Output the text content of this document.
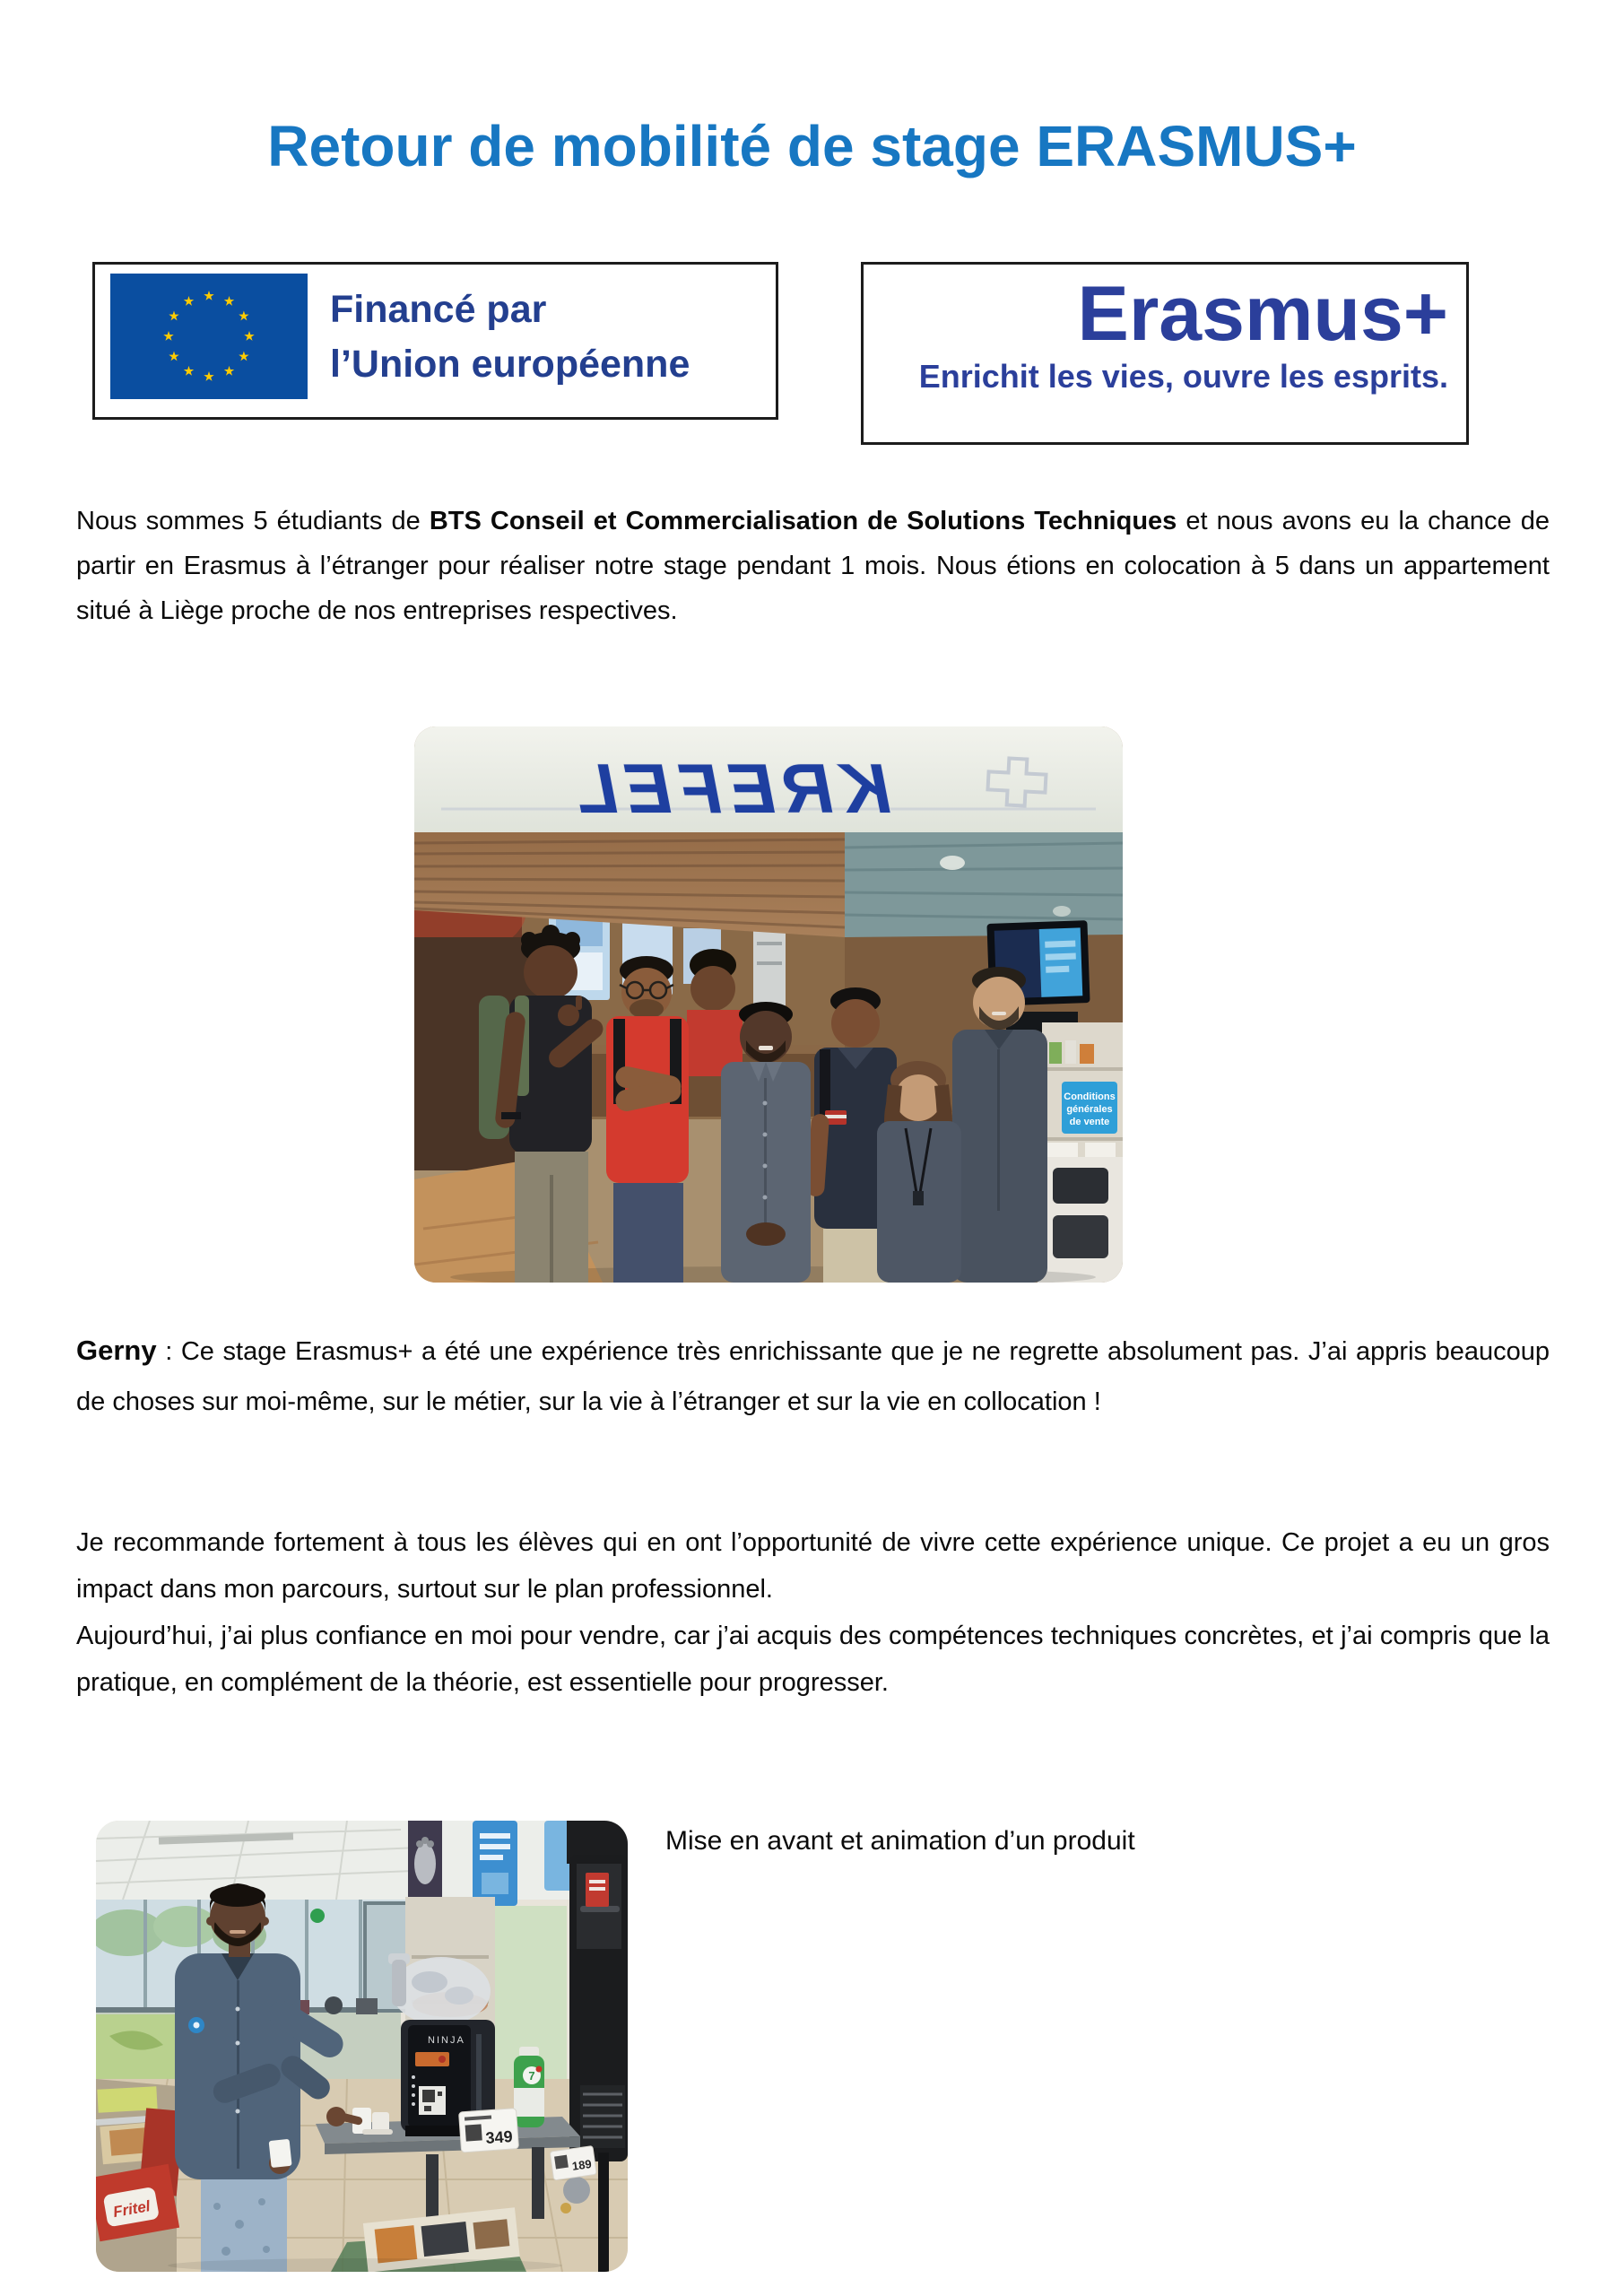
Retour de mobilité de stage ERASMUS+
Financé par
l’Union européenne
Erasmus+
Enrichit les vies, ouvre les esprits.

Nous sommes 5 étudiants de BTS Conseil et Commercialisation de Solutions Techniques et nous avons eu la chance de partir en Erasmus à l’étranger pour réaliser notre stage pendant 1 mois. Nous étions en colocation à 5 dans un appartement situé à Liège proche de nos entreprises respectives.

Conditions
générales
de vente
KREFEL

Gerny : Ce stage Erasmus+ a été une expérience très enrichissante que je ne regrette absolument pas. J’ai appris beaucoup de choses sur moi-même, sur le métier, sur la vie à l’étranger et sur la vie en collocation !

Je recommande fortement à tous les élèves qui en ont l’opportunité de vivre cette expérience unique. Ce projet a eu un gros impact dans mon parcours, surtout sur le plan professionnel.
Aujourd’hui, j’ai plus confiance en moi pour vendre, car j’ai acquis des compétences techniques concrètes, et j’ai compris que la pratique, en complément de la théorie, est essentielle pour progresser.
Fritel
NINJA
7
349
189
Mise en avant et animation d’un produit
